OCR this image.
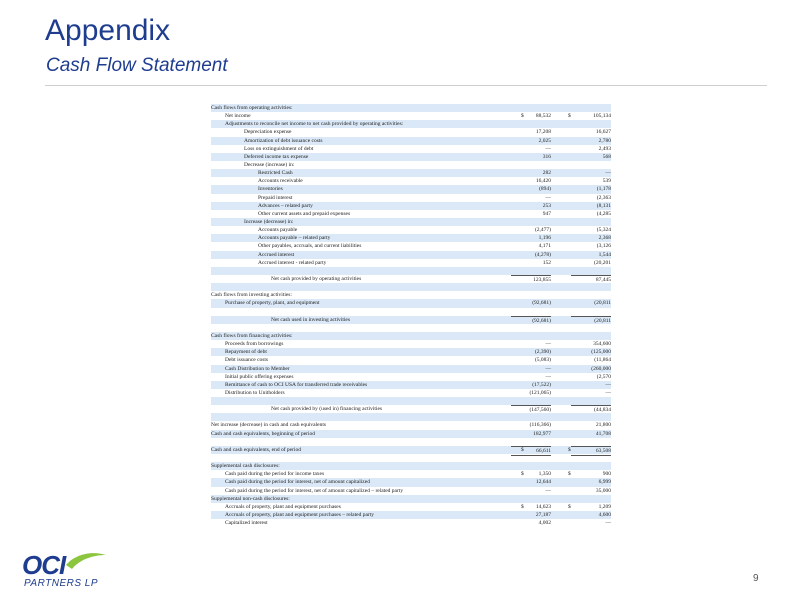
Appendix
Cash Flow Statement
Cash flows from operating activities:
Net income	$	88,532	$	105,134
Adjustments to reconcile net income to net cash provided by operating activities:
Depreciation expense	17,208	16,627
Amortization of debt issuance costs	2,025	2,780
Loss on extinguishment of debt	—	2,493
Deferred income tax expense	316	568
Decrease (increase) in:
Restricted Cash	282	—
Accounts receivable	16,420	539
Inventories	(894)	(1,178
Prepaid interest	—	(2,363
Advances – related party	253	(8,131
Other current assets and prepaid expenses	947	(4,285
Increase (decrease) in:
Accounts payable	(2,477)	(5,324
Accounts payable – related party	1,196	2,368
Other payables, accruals, and current liabilities	4,171	(3,126
Accrued interest	(4,278)	1,544
Accrued interest - related party	152	(20,201
Net cash provided by operating activities	123,855	87,445
Cash flows from investing activities:
Purchase of property, plant, and equipment	(92,681)	(20,811
Net cash used in investing activities	(92,681)	(20,811
Cash flows from financing activities:
Proceeds from borrowings	—	354,600
Repayment of debt	(2,390)	(125,000
Debt issuance costs	(5,083)	(11,864
Cash Distribution to Member	—	(260,000
Initial public offering expenses	—	(2,570
Remittance of cash to OCI USA for transferred trade receivables	(17,522)	—
Distribution to Unitholders	(121,065)	—
Net cash provided by (used in) financing activities	(147,560)	(44,834
Net increase (decrease) in cash and cash equivalents	(116,366)	21,800
Cash and cash equivalents, beginning of period	182,977	41,708
Cash and cash equivalents, end of period	$	66,611	$	63,508
Supplemental cash disclosures:
Cash paid during the period for income taxes	$	1,350	$	900
Cash paid during the period for interest, net of amount capitalized	12,644	6,999
Cash paid during the period for interest, net of amount capitalized – related party	—	35,000
Supplemental non-cash disclosures:
Accruals of property, plant and equipment purchases	$	14,623	$	1,209
Accruals of property, plant and equipment purchases – related party	27,187	4,600
Capitalized interest	4,002	—
OCI
PARTNERS LP	9
